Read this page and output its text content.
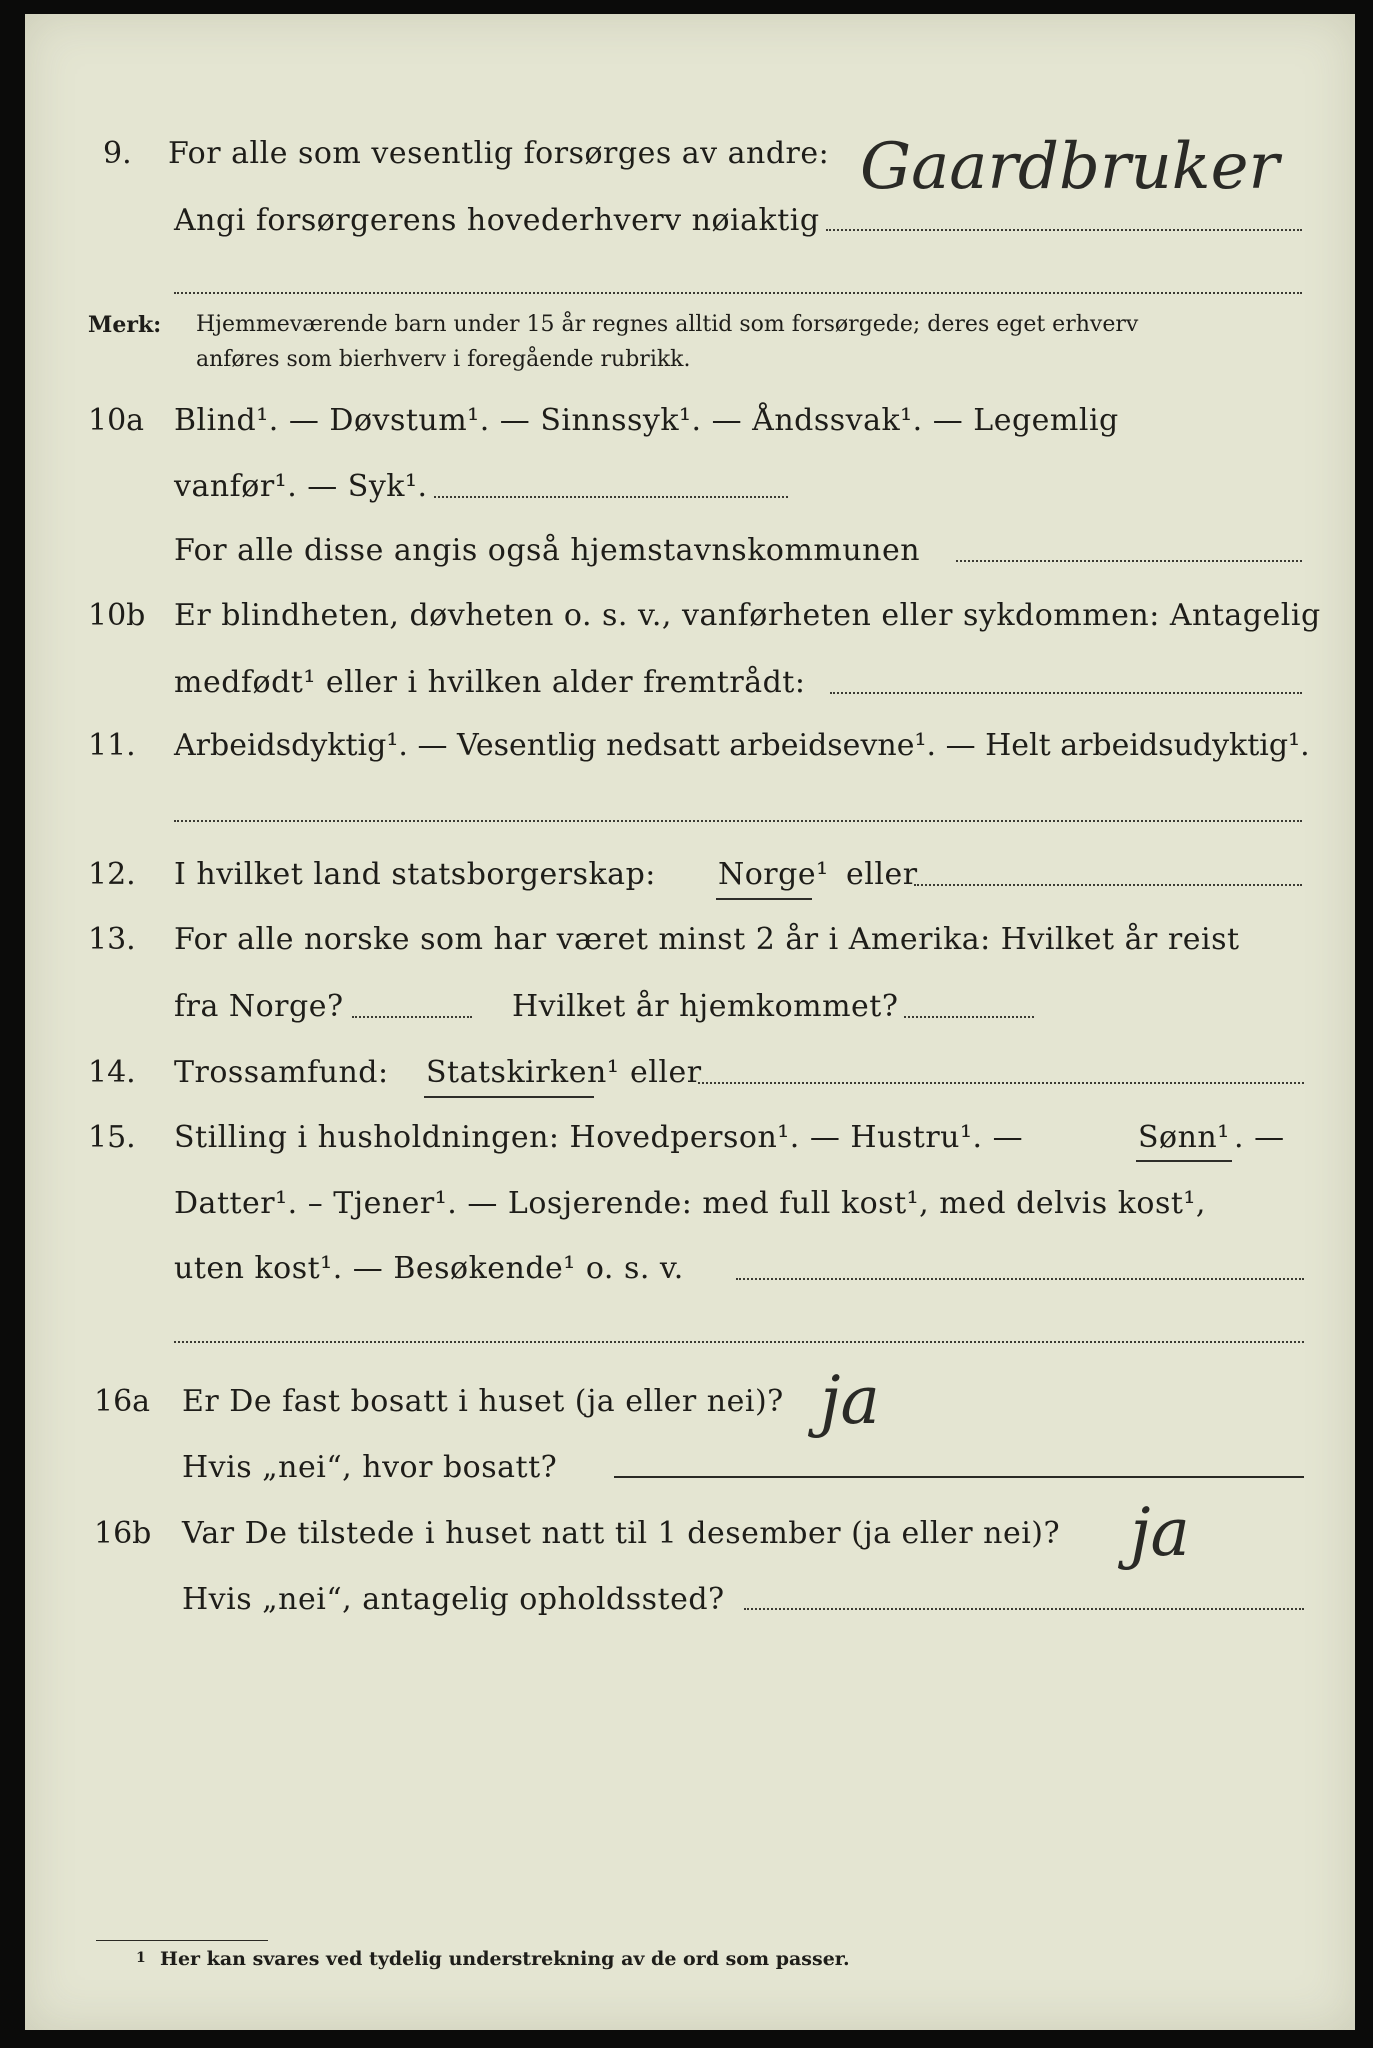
9. For alle som vesentlig forsørges av andre:
Angi forsørgerens hovederhverv nøiaktig
Gaardbruker
Merk: Hjemmeværende barn under 15 år regnes alltid som forsørgede; deres eget erhverv
anføres som bierhverv i foregående rubrikk.
10a Blind¹. — Døvstum¹. — Sinnssyk¹. — Åndssvak¹. — Legemlig
vanfør¹. — Syk¹.
For alle disse angis også hjemstavnskommunen
10b Er blindheten, døvheten o. s. v., vanførheten eller sykdommen: Antagelig
medfødt¹ eller i hvilken alder fremtrådt:
11. Arbeidsdyktig¹. — Vesentlig nedsatt arbeidsevne¹. — Helt arbeidsudyktig¹.
12. I hvilket land statsborgerskap: Norge¹ eller
13. For alle norske som har været minst 2 år i Amerika: Hvilket år reist
fra Norge?	Hvilket år hjemkommet?
14. Trossamfund: Statskirken¹ eller
15. Stilling i husholdningen: Hovedperson¹. — Hustru¹. —	Sønn¹ . —
Datter¹. – Tjener¹. — Losjerende: med full kost¹, med delvis kost¹,
uten kost¹. — Besøkende¹ o. s. v.
16a Er De fast bosatt i huset (ja eller nei)? ja
Hvis „nei“, hvor bosatt?
16b Var De tilstede i huset natt til 1 desember (ja eller nei)? ja
Hvis „nei“, antagelig opholdssted?
1 Her kan svares ved tydelig understrekning av de ord som passer.
